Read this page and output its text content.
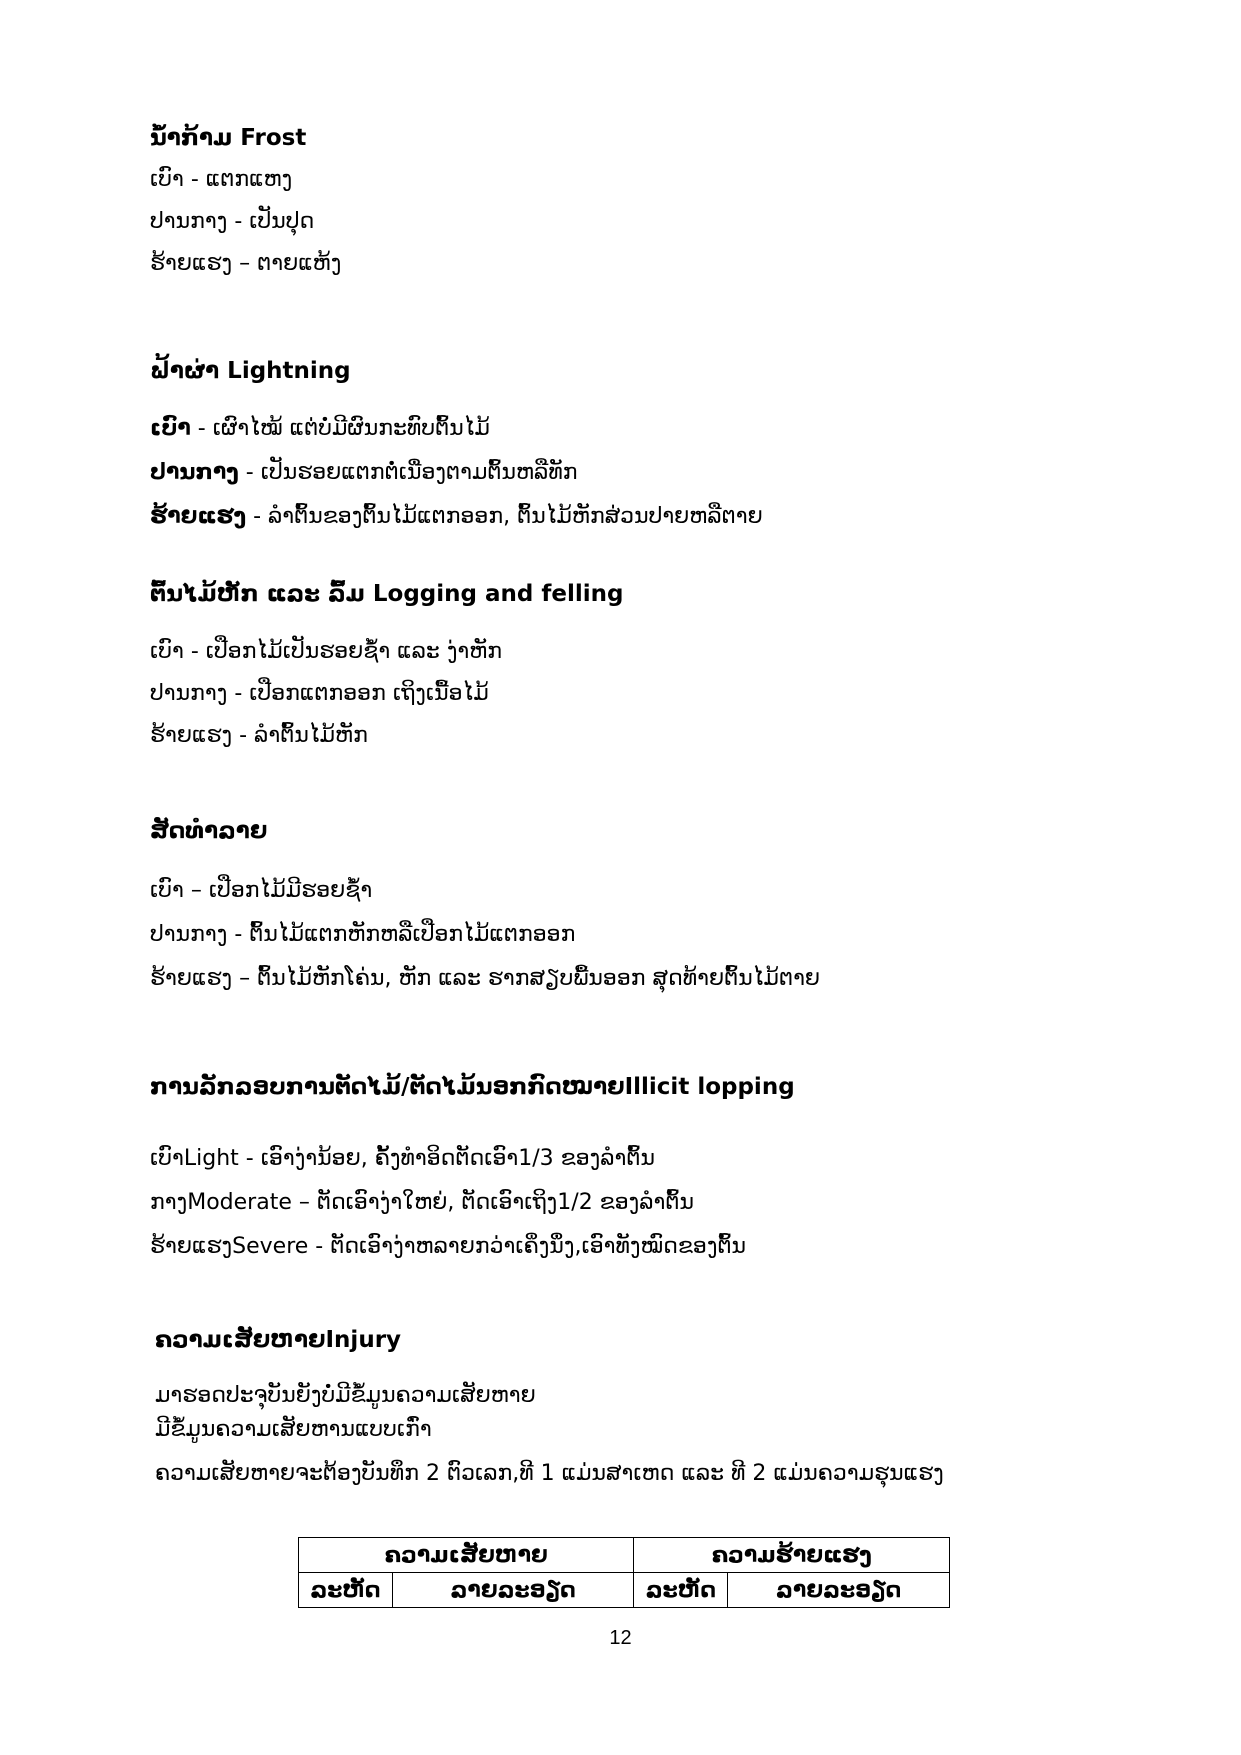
ນ້ຳກ້າມ Frost

ເບົາ - ແຕກແຫງ

ປານກາງ - ເປັນປຸດ

ຮ້າຍແຮງ – ຕາຍແຫ້ງ

ຟ້າຜ່າ Lightning

ເບົາ - ເຜົາໄໝ້ ແຕ່ບໍ່ມີຜົນກະທົບຕົ້ນໄມ້

ປານກາງ - ເປັນຮອຍແຕກຕໍ່ເນື່ອງຕາມຕົ້ນຫລືທັກ

ຮ້າຍແຮງ - ລຳຕົ້ນຂອງຕົ້ນໄມ້ແຕກອອກ, ຕົ້ນໄມ້ຫັກສ່ວນປາຍຫລືຕາຍ

ຕົ້ນໄມ້ຫັກ ແລະ ລົ້ມ Logging and felling

ເບົາ - ເປືອກໄມ້ເປັນຮອຍຊ້ຳ ແລະ ງ່າຫັກ

ປານກາງ - ເປືອກແຕກອອກ ເຖິງເນື້ອໄມ້

ຮ້າຍແຮງ - ລຳຕົ້ນໄມ້ຫັກ

ສັດທຳລາຍ

ເບົາ – ເປືອກໄມ້ມີຮອຍຊ້ຳ

ປານກາງ - ຕົ້ນໄມ້ແຕກຫັກຫລືເປືອກໄມ້ແຕກອອກ

ຮ້າຍແຮງ – ຕົ້ນໄມ້ຫັກໂຄ່ນ, ຫັກ ແລະ ຮາກສຽບພື້ນອອກ ສຸດທ້າຍຕົ້ນໄມ້ຕາຍ

ການລັກລອບການຕັດໄມ້/ຕັດໄມ້ນອກກົດໝາຍIllicit lopping

ເບົາLight - ເອົາງ່ານ້ອຍ, ຄັ້ງທຳອິດຕັດເອົາ1/3 ຂອງລຳຕົ້ນ

ກາງModerate – ຕັດເອົາງ່າໃຫຍ່, ຕັດເອົາເຖິງ1/2 ຂອງລຳຕົ້ນ

ຮ້າຍແຮງSevere - ຕັດເອົາງ່າຫລາຍກວ່າເຄິ່ງນຶ່ງ,ເອົາທັງໝົດຂອງຕົ້ນ

ຄວາມເສັຍຫາຍInjury

ມາຮອດປະຈຸບັນຍັງບໍ່ມີຂໍ້ມູນຄວາມເສັຍຫາຍ

ມີຂໍ້ມູນຄວາມເສັຍຫານແບບເກົ່າ

ຄວາມເສັຍຫາຍຈະຕ້ອງບັນທຶກ 2 ຕົວເລກ,ທີ 1 ແມ່ນສາເຫດ ແລະ ທີ 2 ແມ່ນຄວາມຮຸນແຮງ

ຄວາມເສັຍຫາຍ		ຄວາມຮ້າຍແຮງ	
ລະຫັດ	ລາຍລະອຽດ	ລະຫັດ	ລາຍລະອຽດ
12
